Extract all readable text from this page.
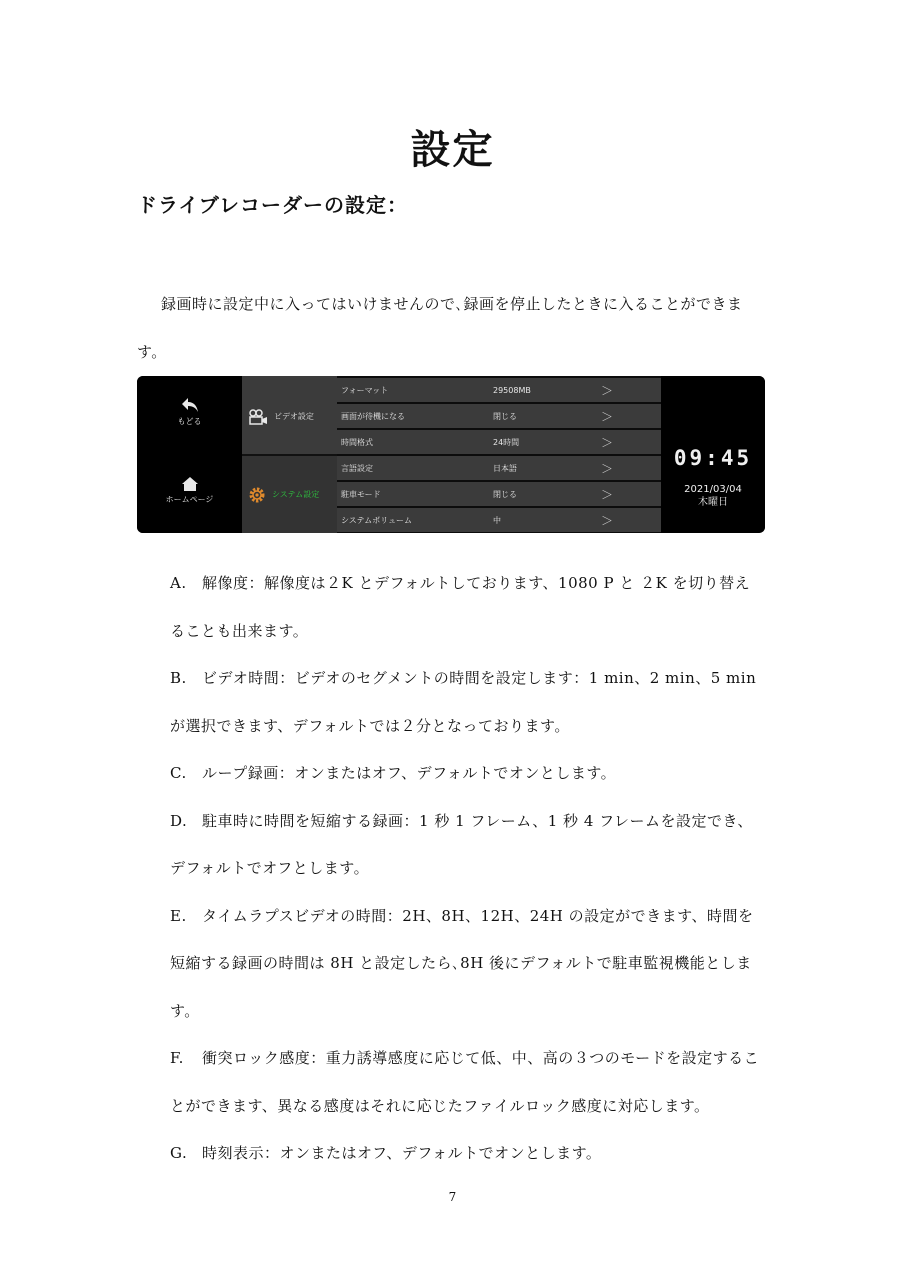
設定
ドライブレコーダーの設定：
録画時に設定中に入ってはいけませんので､録画を停止したときに入ることができます。
もどる
ホームページ
ビデオ設定
システム設定
フォーマット	29508MB	＞
画面が待機になる	閉じる	＞
時間格式	24時間	＞
言語設定	日本語	＞
駐車モード	閉じる	＞
システムボリューム	中	＞
09:45
2021/03/04
木曜日
A. 解像度：解像度は２K とデフォルトしております、1080 P と ２K を切り替えることも出来ます。
B. ビデオ時間：ビデオのセグメントの時間を設定します：1 min、2 min、5 min が選択できます、デフォルトでは２分となっております。
C. ループ録画：オンまたはオフ、デフォルトでオンとします。
D. 駐車時に時間を短縮する録画：1 秒 1 フレーム、1 秒 4 フレームを設定でき、デフォルトでオフとします。
E. タイムラプスビデオの時間：2H、8H、12H、24H の設定ができます、時間を短縮する録画の時間は 8H と設定したら､8H 後にデフォルトで駐車監視機能とします。
F. 衝突ロック感度：重力誘導感度に応じて低、中、高の３つのモードを設定することができます、異なる感度はそれに応じたファイルロック感度に対応します。
G. 時刻表示：オンまたはオフ、デフォルトでオンとします。
7
